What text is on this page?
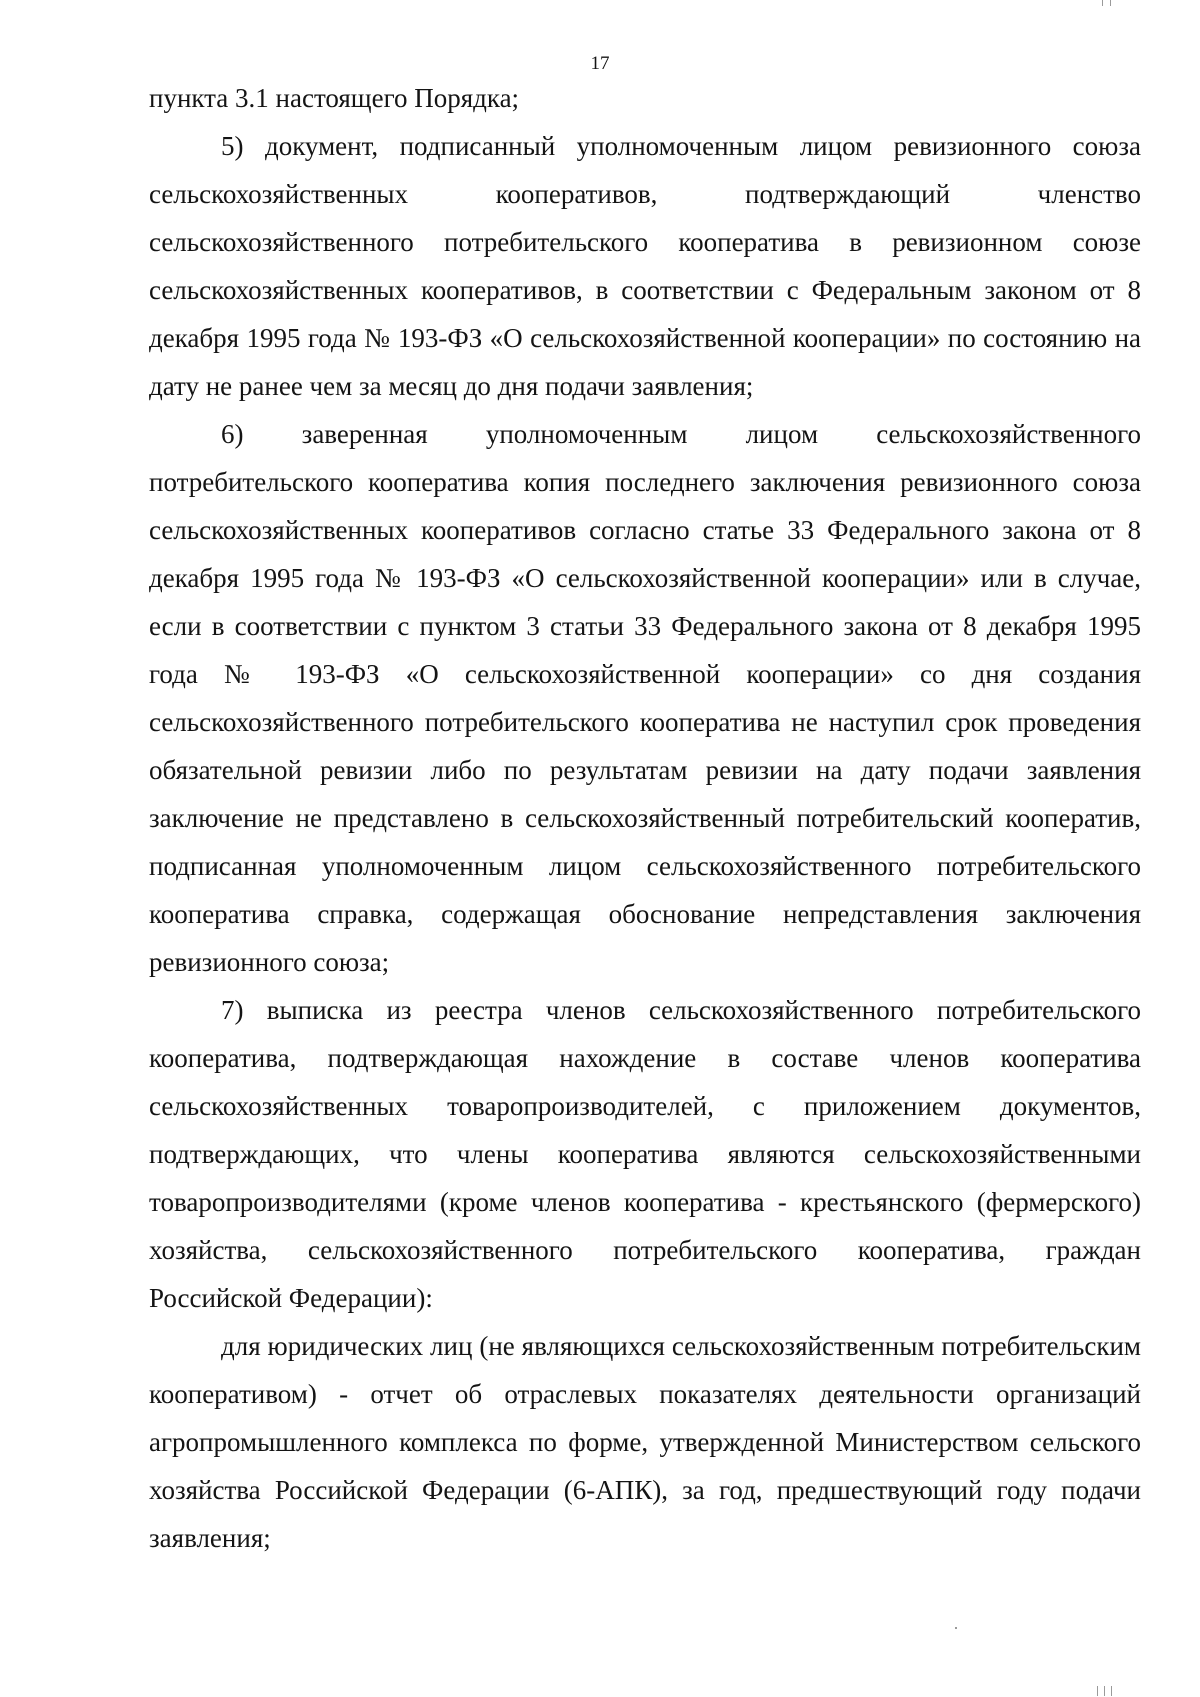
17

пункта 3.1 настоящего Порядка;

5) документ, подписанный уполномоченным лицом ревизионного союза сельскохозяйственных кооперативов, подтверждающий членство сельскохозяйственного потребительского кооператива в ревизионном союзе сельскохозяйственных кооперативов, в соответствии с Федеральным законом от 8 декабря 1995 года № 193-ФЗ «О сельскохозяйственной кооперации» по состоянию на дату не ранее чем за месяц до дня подачи заявления;

6) заверенная уполномоченным лицом сельскохозяйственного потребительского кооператива копия последнего заключения ревизионного союза сельскохозяйственных кооперативов согласно статье 33 Федерального закона от 8 декабря 1995 года № 193-ФЗ «О сельскохозяйственной кооперации» или в случае, если в соответствии с пунктом 3 статьи 33 Федерального закона от 8 декабря 1995 года № 193-ФЗ «О сельскохозяйственной кооперации» со дня создания сельскохозяйственного потребительского кооператива не наступил срок проведения обязательной ревизии либо по результатам ревизии на дату подачи заявления заключение не представлено в сельскохозяйственный потребительский кооператив, подписанная уполномоченным лицом сельскохозяйственного потребительского кооператива справка, содержащая обоснование непредставления заключения ревизионного союза;

7) выписка из реестра членов сельскохозяйственного потребительского кооператива, подтверждающая нахождение в составе членов кооператива сельскохозяйственных товаропроизводителей, с приложением документов, подтверждающих, что члены кооператива являются сельскохозяйственными товаропроизводителями (кроме членов кооператива - крестьянского (фермерского) хозяйства, сельскохозяйственного потребительского кооператива, граждан Российской Федерации):

для юридических лиц (не являющихся сельскохозяйственным потребительским кооперативом) - отчет об отраслевых показателях деятельности организаций агропромышленного комплекса по форме, утвержденной Министерством сельского хозяйства Российской Федерации (6-АПК), за год, предшествующий году подачи заявления;
